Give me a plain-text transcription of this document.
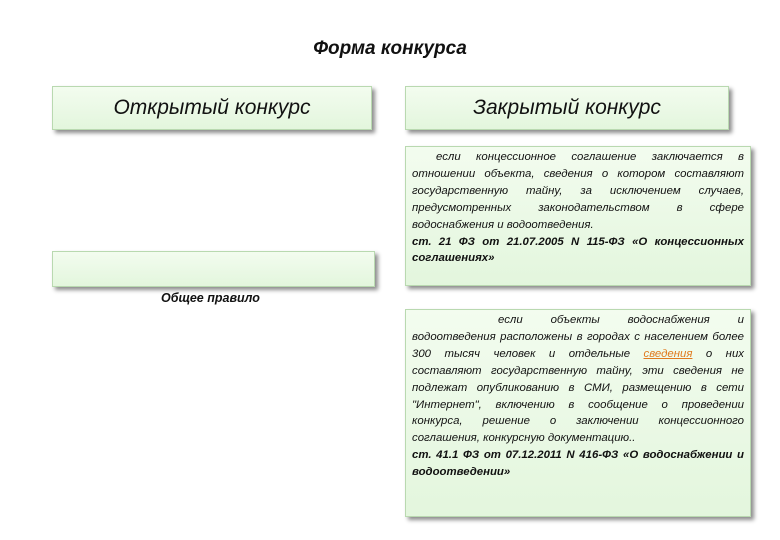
Форма конкурса
Открытый конкурс	Закрытый конкурс
Общее правило

если концессионное соглашение заключается в отношении объекта, сведения о котором составляют государственную тайну, за исключением случаев, предусмотренных законодательством в сфере водоснабжения и водоотведения.

ст. 21 ФЗ от 21.07.2005 N 115-ФЗ «О концессионных соглашениях»

если объекты водоснабжения и водоотведения расположены в городах с населением более 300 тысяч человек и отдельные сведения о них составляют государственную тайну, эти сведения не подлежат опубликованию в СМИ, размещению в сети "Интернет", включению в сообщение о проведении конкурса, решение о заключении концессионного соглашения, конкурсную документацию..

ст. 41.1 ФЗ от 07.12.2011 N 416-ФЗ «О водоснабжении и водоотведении»
